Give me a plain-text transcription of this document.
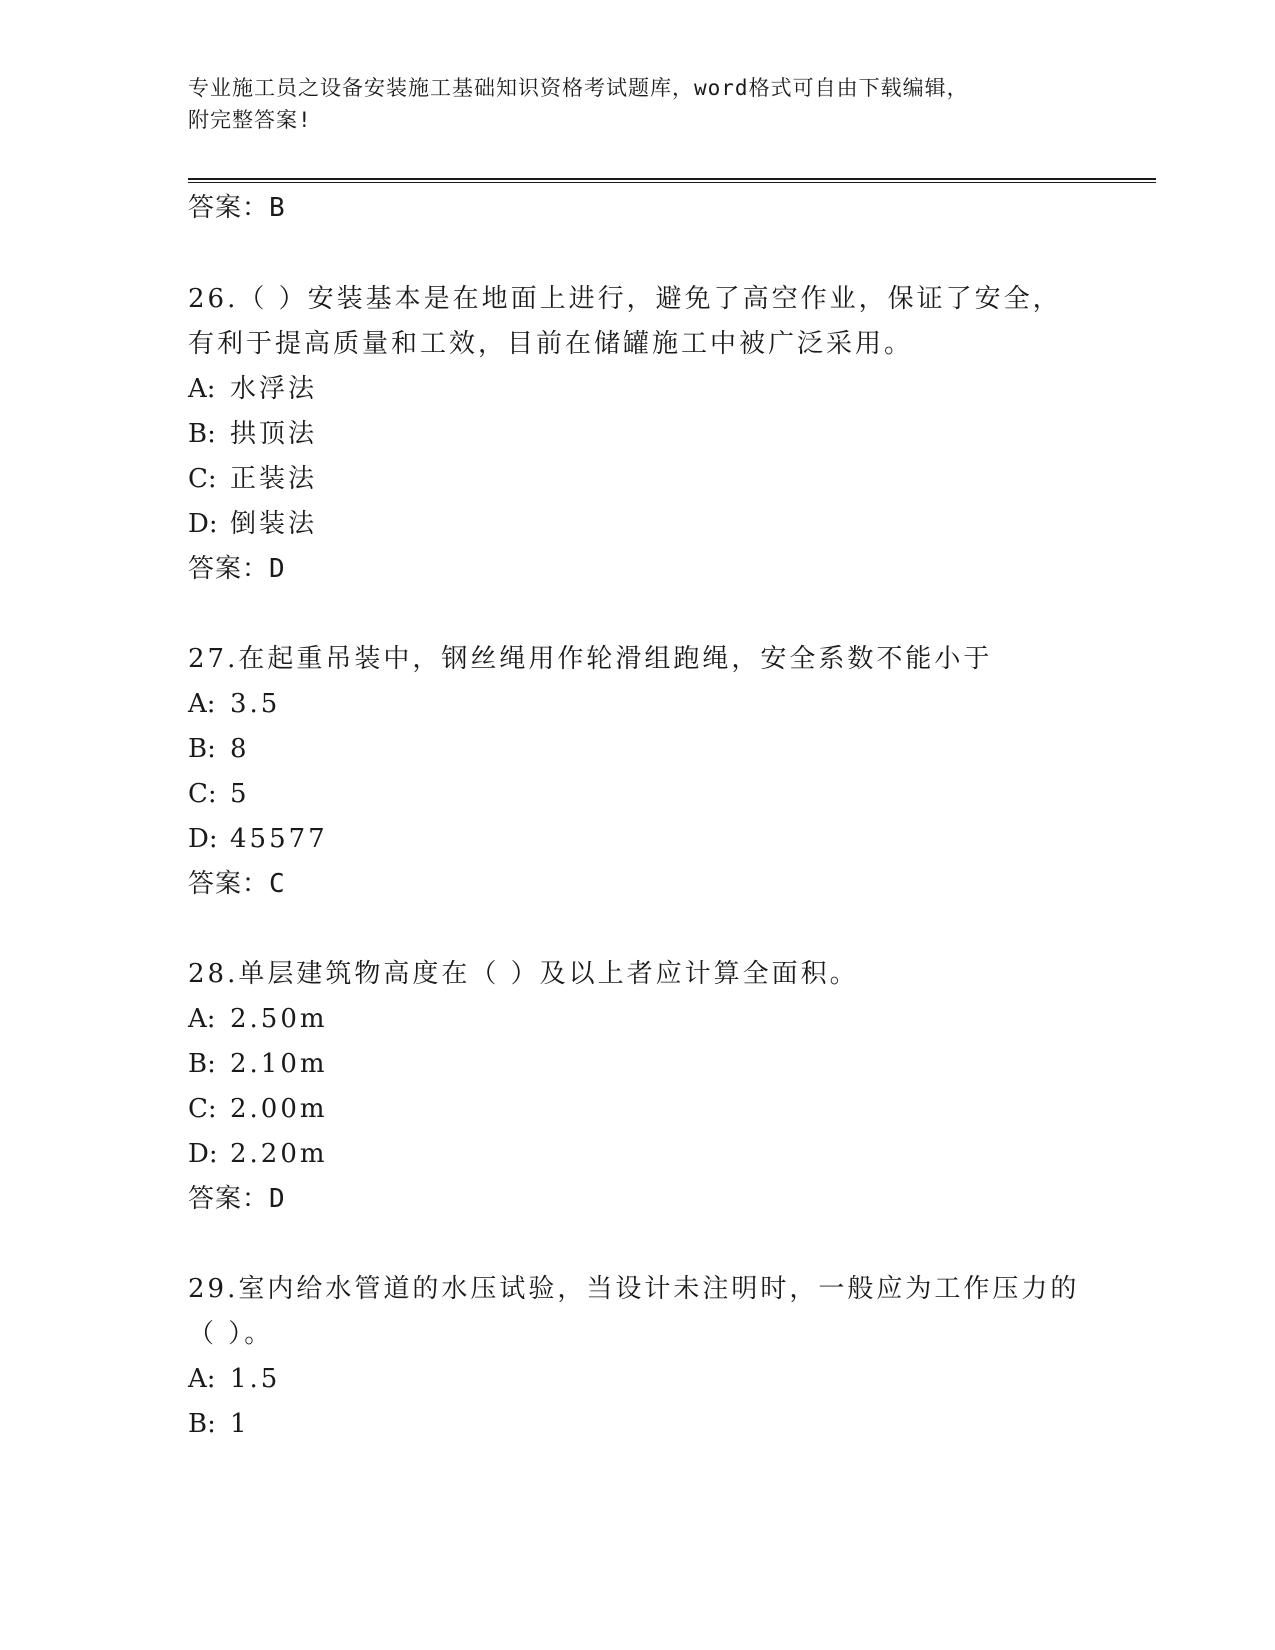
专业施工员之设备安装施工基础知识资格考试题库，word格式可自由下载编辑，
附完整答案!
答案：B
26.（ ）安装基本是在地面上进行，避免了高空作业，保证了安全，
有利于提高质量和工效，目前在储罐施工中被广泛采用。
A: 水浮法
B: 拱顶法
C: 正装法
D: 倒装法
答案：D
27.在起重吊装中，钢丝绳用作轮滑组跑绳，安全系数不能小于
A: 3.5
B: 8
C: 5
D: 45577
答案：C
28.单层建筑物高度在（ ）及以上者应计算全面积。
A: 2.50m
B: 2.10m
C: 2.00m
D: 2.20m
答案：D
29.室内给水管道的水压试验，当设计未注明时，一般应为工作压力的
（ ）。
A: 1.5
B: 1
